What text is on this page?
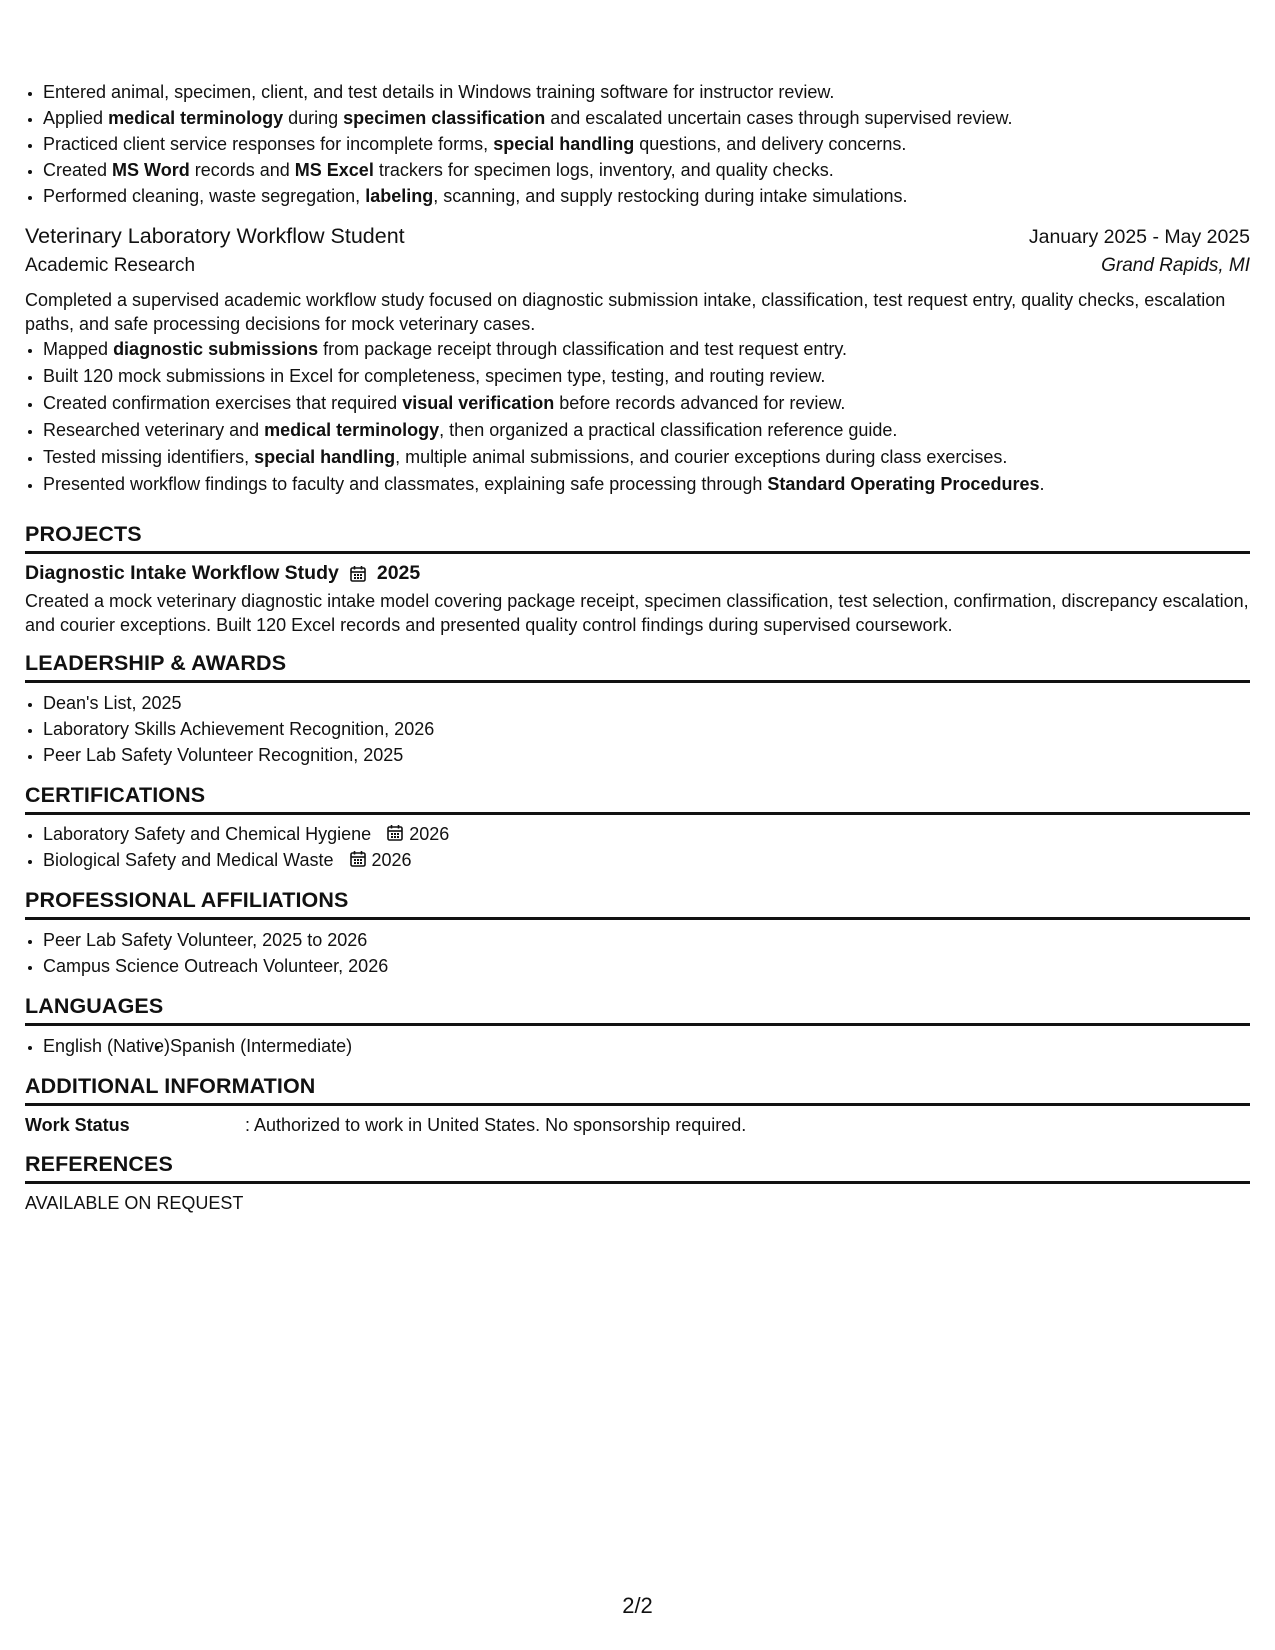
• Entered animal, specimen, client, and test details in Windows training software for instructor review.
• Applied medical terminology during specimen classification and escalated uncertain cases through supervised review.
• Practiced client service responses for incomplete forms, special handling questions, and delivery concerns.
• Created MS Word records and MS Excel trackers for specimen logs, inventory, and quality checks.
• Performed cleaning, waste segregation, labeling, scanning, and supply restocking during intake simulations.
Veterinary Laboratory Workflow Student	January 2025 - May 2025
Academic Research	Grand Rapids, MI
Completed a supervised academic workflow study focused on diagnostic submission intake, classification, test request entry, quality checks, escalation paths, and safe processing decisions for mock veterinary cases.
• Mapped diagnostic submissions from package receipt through classification and test request entry.
• Built 120 mock submissions in Excel for completeness, specimen type, testing, and routing review.
• Created confirmation exercises that required visual verification before records advanced for review.
• Researched veterinary and medical terminology, then organized a practical classification reference guide.
• Tested missing identifiers, special handling, multiple animal submissions, and courier exceptions during class exercises.
• Presented workflow findings to faculty and classmates, explaining safe processing through Standard Operating Procedures.
PROJECTS
Diagnostic Intake Workflow Study 2025
Created a mock veterinary diagnostic intake model covering package receipt, specimen classification, test selection, confirmation, discrepancy escalation, and courier exceptions. Built 120 Excel records and presented quality control findings during supervised coursework.
LEADERSHIP & AWARDS
• Dean's List, 2025
• Laboratory Skills Achievement Recognition, 2026
• Peer Lab Safety Volunteer Recognition, 2025
CERTIFICATIONS
• Laboratory Safety and Chemical Hygiene 2026
• Biological Safety and Medical Waste 2026
PROFESSIONAL AFFILIATIONS
• Peer Lab Safety Volunteer, 2025 to 2026
• Campus Science Outreach Volunteer, 2026
LANGUAGES
• English (Native)
• Spanish (Intermediate)
ADDITIONAL INFORMATION
Work Status	: Authorized to work in United States. No sponsorship required.
REFERENCES
AVAILABLE ON REQUEST
2/2
